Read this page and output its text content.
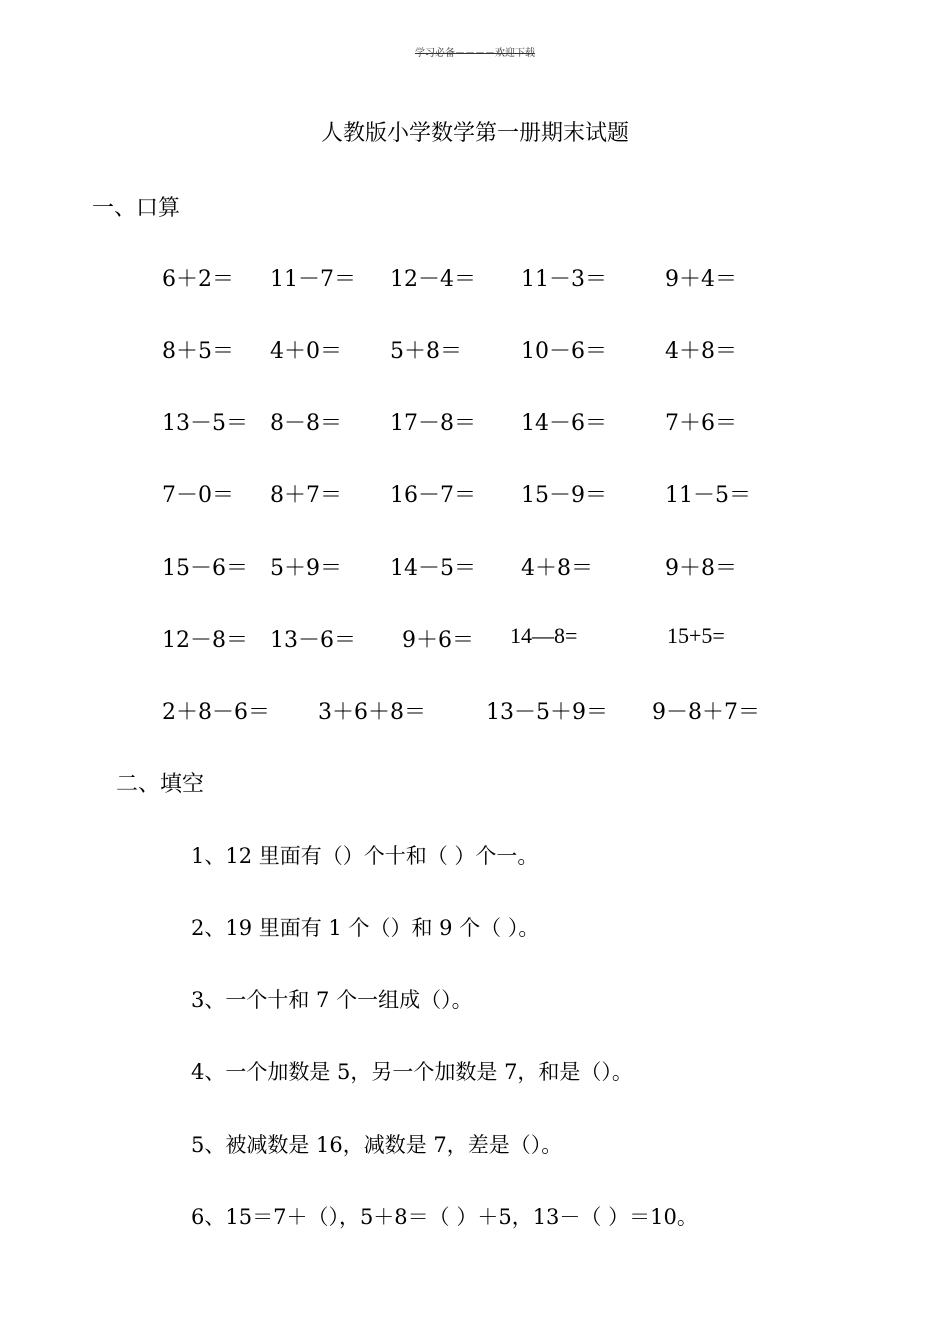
学习必备－－－－欢迎下载
人教版小学数学第一册期末试题
一、口算
6＋2＝ 11－7＝ 12－4＝ 11－3＝	9＋4＝
8＋5＝ 4＋0＝ 5＋8＝	10－6＝	4＋8＝
13－5＝ 8－8＝ 17－8＝ 14－6＝	7＋6＝
7－0＝ 8＋7＝ 16－7＝ 15－9＝	11－5＝
15－6＝ 5＋9＝ 14－5＝ 4＋8＝	9＋8＝
12－8＝ 13－6＝ 9＋6＝ 14—8=	15+5=
2＋8－6＝ 3＋6＋8＝	13－5＋9＝ 9－8＋7＝
二、填空
1、12 里面有（）个十和（ ）个一。
2、19 里面有 1 个（）和 9 个（ ）。
3、一个十和 7 个一组成（）。
4、一个加数是 5，另一个加数是 7，和是（）。
5、被减数是 16，减数是 7，差是（）。
6、15＝7＋（），5＋8＝（ ）＋5，13－（ ）＝10。
